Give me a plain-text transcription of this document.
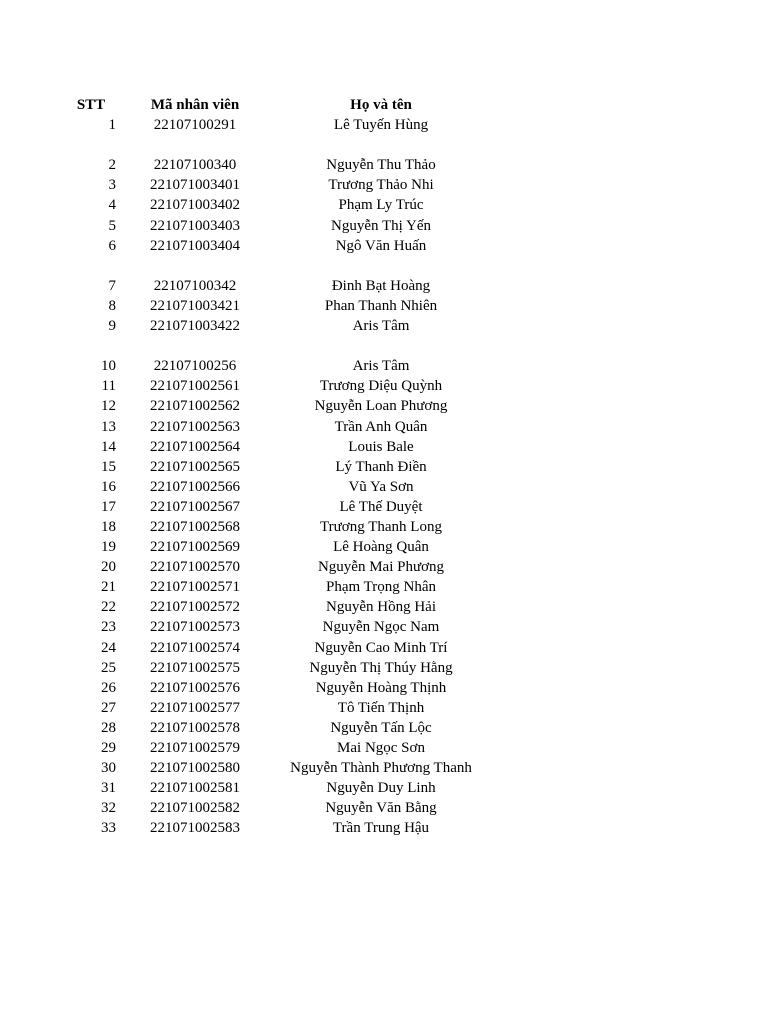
STT	Mã nhân viên	Họ và tên
1	22107100291	Lê Tuyến Hùng
2	22107100340	Nguyễn Thu Thảo
3	221071003401	Trương Thảo Nhi
4	221071003402	Phạm Ly Trúc
5	221071003403	Nguyễn Thị Yến
6	221071003404	Ngô Văn Huấn
7	22107100342	Đinh Bạt Hoàng
8	221071003421	Phan Thanh Nhiên
9	221071003422	Aris Tâm
10	22107100256	Aris Tâm
11	221071002561	Trương Diệu Quỳnh
12	221071002562	Nguyễn Loan Phương
13	221071002563	Trần Anh Quân
14	221071002564	Louis Bale
15	221071002565	Lý Thanh Điền
16	221071002566	Vũ Ya Sơn
17	221071002567	Lê Thế Duyệt
18	221071002568	Trương Thanh Long
19	221071002569	Lê Hoàng Quân
20	221071002570	Nguyễn Mai Phương
21	221071002571	Phạm Trọng Nhân
22	221071002572	Nguyễn Hồng Hải
23	221071002573	Nguyễn Ngọc Nam
24	221071002574	Nguyễn Cao Minh Trí
25	221071002575	Nguyễn Thị Thúy Hằng
26	221071002576	Nguyễn Hoàng Thịnh
27	221071002577	Tô Tiến Thịnh
28	221071002578	Nguyễn Tấn Lộc
29	221071002579	Mai Ngọc Sơn
30	221071002580	Nguyễn Thành Phương Thanh
31	221071002581	Nguyễn Duy Linh
32	221071002582	Nguyễn Văn Bằng
33	221071002583	Trần Trung Hậu
